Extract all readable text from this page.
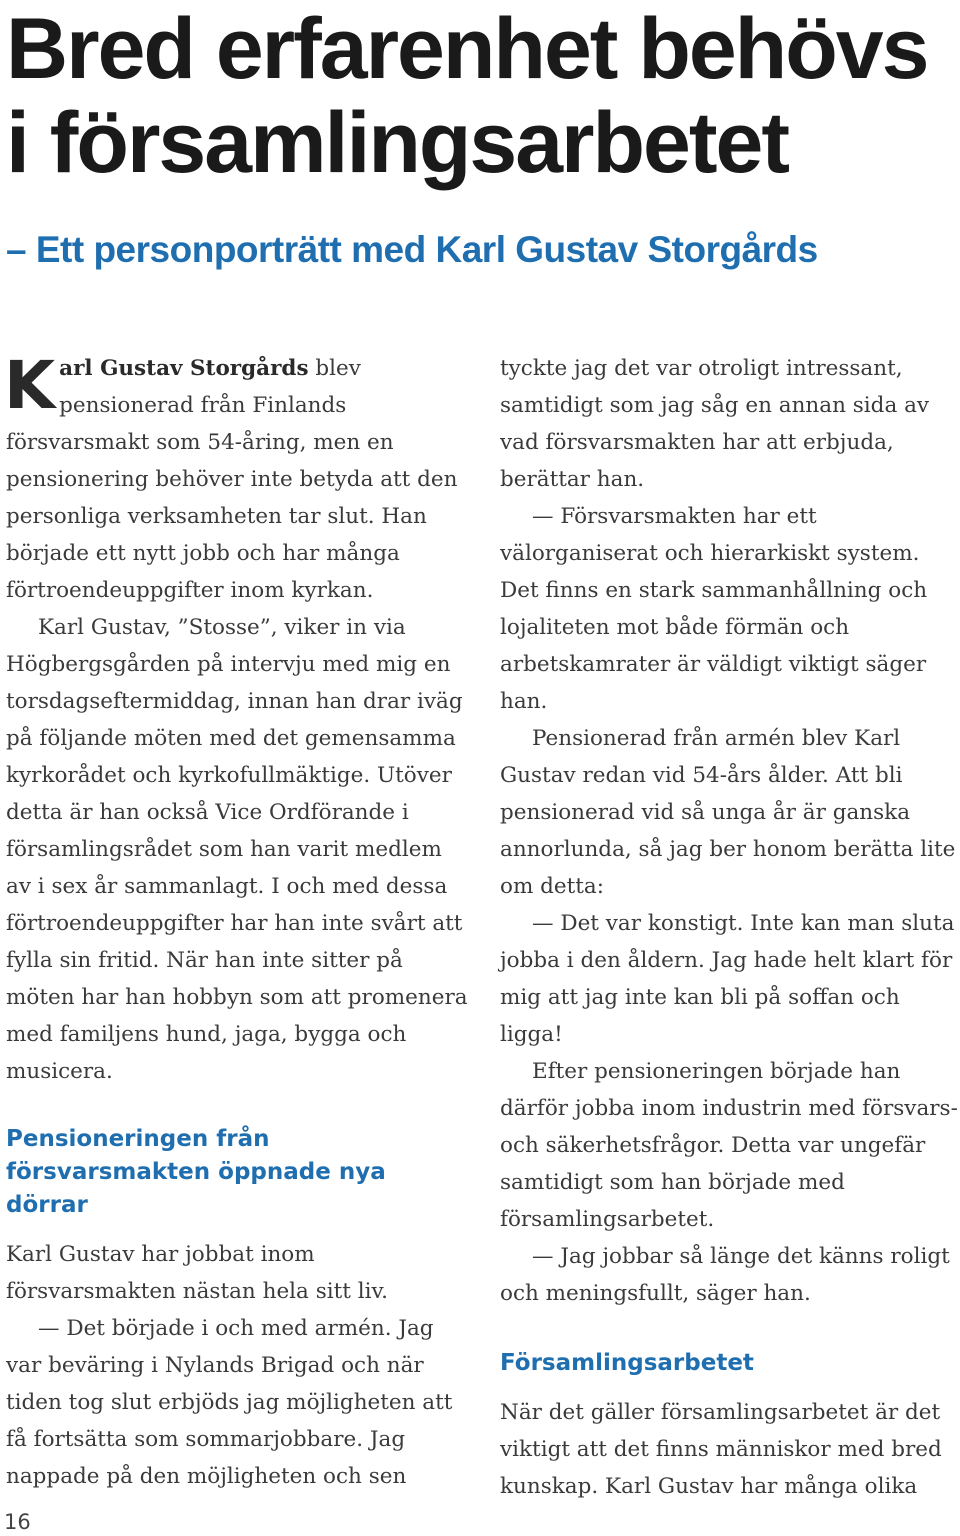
Bred erfarenhet behövs i församlingsarbetet
– Ett personporträtt med Karl Gustav Storgårds

Karl Gustav Storgårds blev pensionerad från Finlands försvarsmakt som 54-åring, men en pensionering behöver inte betyda att den personliga verksamheten tar slut. Han började ett nytt jobb och har många förtroendeuppgifter inom kyrkan.

Karl Gustav, ”Stosse”, viker in via Högbergsgården på intervju med mig en torsdagseftermiddag, innan han drar iväg på följande möten med det gemensamma kyrkorådet och kyrkofullmäktige. Utöver detta är han också Vice Ordförande i församlingsrådet som han varit medlem av i sex år sammanlagt. I och med dessa förtroendeuppgifter har han inte svårt att fylla sin fritid. När han inte sitter på möten har han hobbyn som att promenera med familjens hund, jaga, bygga och musicera.

Pensioneringen från försvarsmakten öppnade nya dörrar

Karl Gustav har jobbat inom försvarsmakten nästan hela sitt liv.

— Det började i och med armén. Jag var beväring i Nylands Brigad och när tiden tog slut erbjöds jag möjligheten att få fortsätta som sommarjobbare. Jag nappade på den möjligheten och sen

tyckte jag det var otroligt intressant, samtidigt som jag såg en annan sida av vad försvarsmakten har att erbjuda, berättar han.

— Försvarsmakten har ett välorganiserat och hierarkiskt system. Det finns en stark sammanhållning och lojaliteten mot både förmän och arbetskamrater är väldigt viktigt säger han.

Pensionerad från armén blev Karl Gustav redan vid 54-års ålder. Att bli pensionerad vid så unga år är ganska annorlunda, så jag ber honom berätta lite om detta:

— Det var konstigt. Inte kan man sluta jobba i den åldern. Jag hade helt klart för mig att jag inte kan bli på soffan och ligga!

Efter pensioneringen började han därför jobba inom industrin med försvars- och säkerhetsfrågor. Detta var ungefär samtidigt som han började med församlingsarbetet.

— Jag jobbar så länge det känns roligt och meningsfullt, säger han.

Församlingsarbetet

När det gäller församlingsarbetet är det viktigt att det finns människor med bred kunskap. Karl Gustav har många olika

16
